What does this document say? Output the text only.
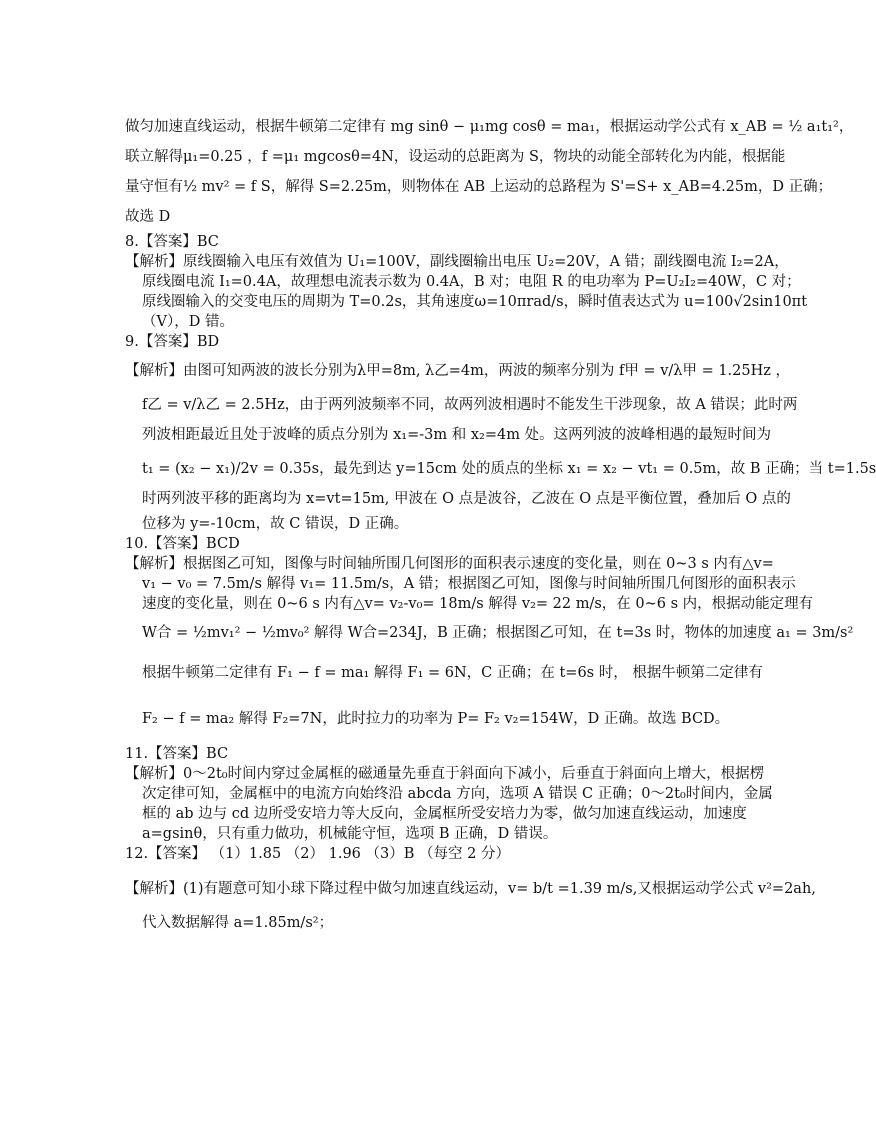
做匀加速直线运动，根据牛顿第二定律有 mg sinθ − μ₁mg cosθ = ma₁，根据运动学公式有 x_AB = ½ a₁t₁²，
联立解得μ₁=0.25 ，f =μ₁ mgcosθ=4N，设运动的总距离为 S，物块的动能全部转化为内能，根据能
量守恒有½ mv² = f S，解得 S=2.25m，则物体在 AB 上运动的总路程为 S'=S+ x_AB=4.25m，D 正确；
故选 D
8.【答案】BC
【解析】原线圈输入电压有效值为 U₁=100V，副线圈输出电压 U₂=20V，A 错；副线圈电流 I₂=2A，
原线圈电流 I₁=0.4A，故理想电流表示数为 0.4A，B 对；电阻 R 的电功率为 P=U₂I₂=40W，C 对；
原线圈输入的交变电压的周期为 T=0.2s，其角速度ω=10πrad/s，瞬时值表达式为 u=100√2sin10πt
（V），D 错。
9.【答案】BD
【解析】由图可知两波的波长分别为λ甲=8m, λ乙=4m，两波的频率分别为 f甲 = v/λ甲 = 1.25Hz ，
f乙 = v/λ乙 = 2.5Hz，由于两列波频率不同，故两列波相遇时不能发生干涉现象，故 A 错误；此时两
列波相距最近且处于波峰的质点分别为 x₁=-3m 和 x₂=4m 处。这两列波的波峰相遇的最短时间为
t₁ = (x₂ − x₁)/2v = 0.35s，最先到达 y=15cm 处的质点的坐标 x₁ = x₂ − vt₁ = 0.5m，故 B 正确；当 t=1.5s
时两列波平移的距离均为 x=vt=15m, 甲波在 O 点是波谷，乙波在 O 点是平衡位置，叠加后 O 点的
位移为 y=-10cm，故 C 错误，D 正确。
10.【答案】BCD
【解析】根据图乙可知，图像与时间轴所围几何图形的面积表示速度的变化量，则在 0~3 s 内有△v=
v₁ − v₀ = 7.5m/s 解得 v₁= 11.5m/s，A 错；根据图乙可知，图像与时间轴所围几何图形的面积表示
速度的变化量，则在 0~6 s 内有△v= v₂-v₀= 18m/s 解得 v₂= 22 m/s，在 0~6 s 内，根据动能定理有
W合 = ½mv₁² − ½mv₀² 解得 W合=234J，B 正确；根据图乙可知，在 t=3s 时，物体的加速度 a₁ = 3m/s²
根据牛顿第二定律有 F₁ − f = ma₁ 解得 F₁ = 6N，C 正确；在 t=6s 时， 根据牛顿第二定律有
F₂ − f = ma₂ 解得 F₂=7N，此时拉力的功率为 P= F₂ v₂=154W，D 正确。故选 BCD。
11.【答案】BC
【解析】0～2t₀时间内穿过金属框的磁通量先垂直于斜面向下减小，后垂直于斜面向上增大，根据楞
次定律可知，金属框中的电流方向始终沿 abcda 方向，选项 A 错误 C 正确；0～2t₀时间内，金属
框的 ab 边与 cd 边所受安培力等大反向，金属框所受安培力为零，做匀加速直线运动，加速度
a=gsinθ，只有重力做功，机械能守恒，选项 B 正确，D 错误。
12.【答案】 （1）1.85 （2） 1.96 （3）B （每空 2 分）
【解析】(1)有题意可知小球下降过程中做匀加速直线运动，v= b/t =1.39 m/s,又根据运动学公式 v²=2ah,
代入数据解得 a=1.85m/s²；
